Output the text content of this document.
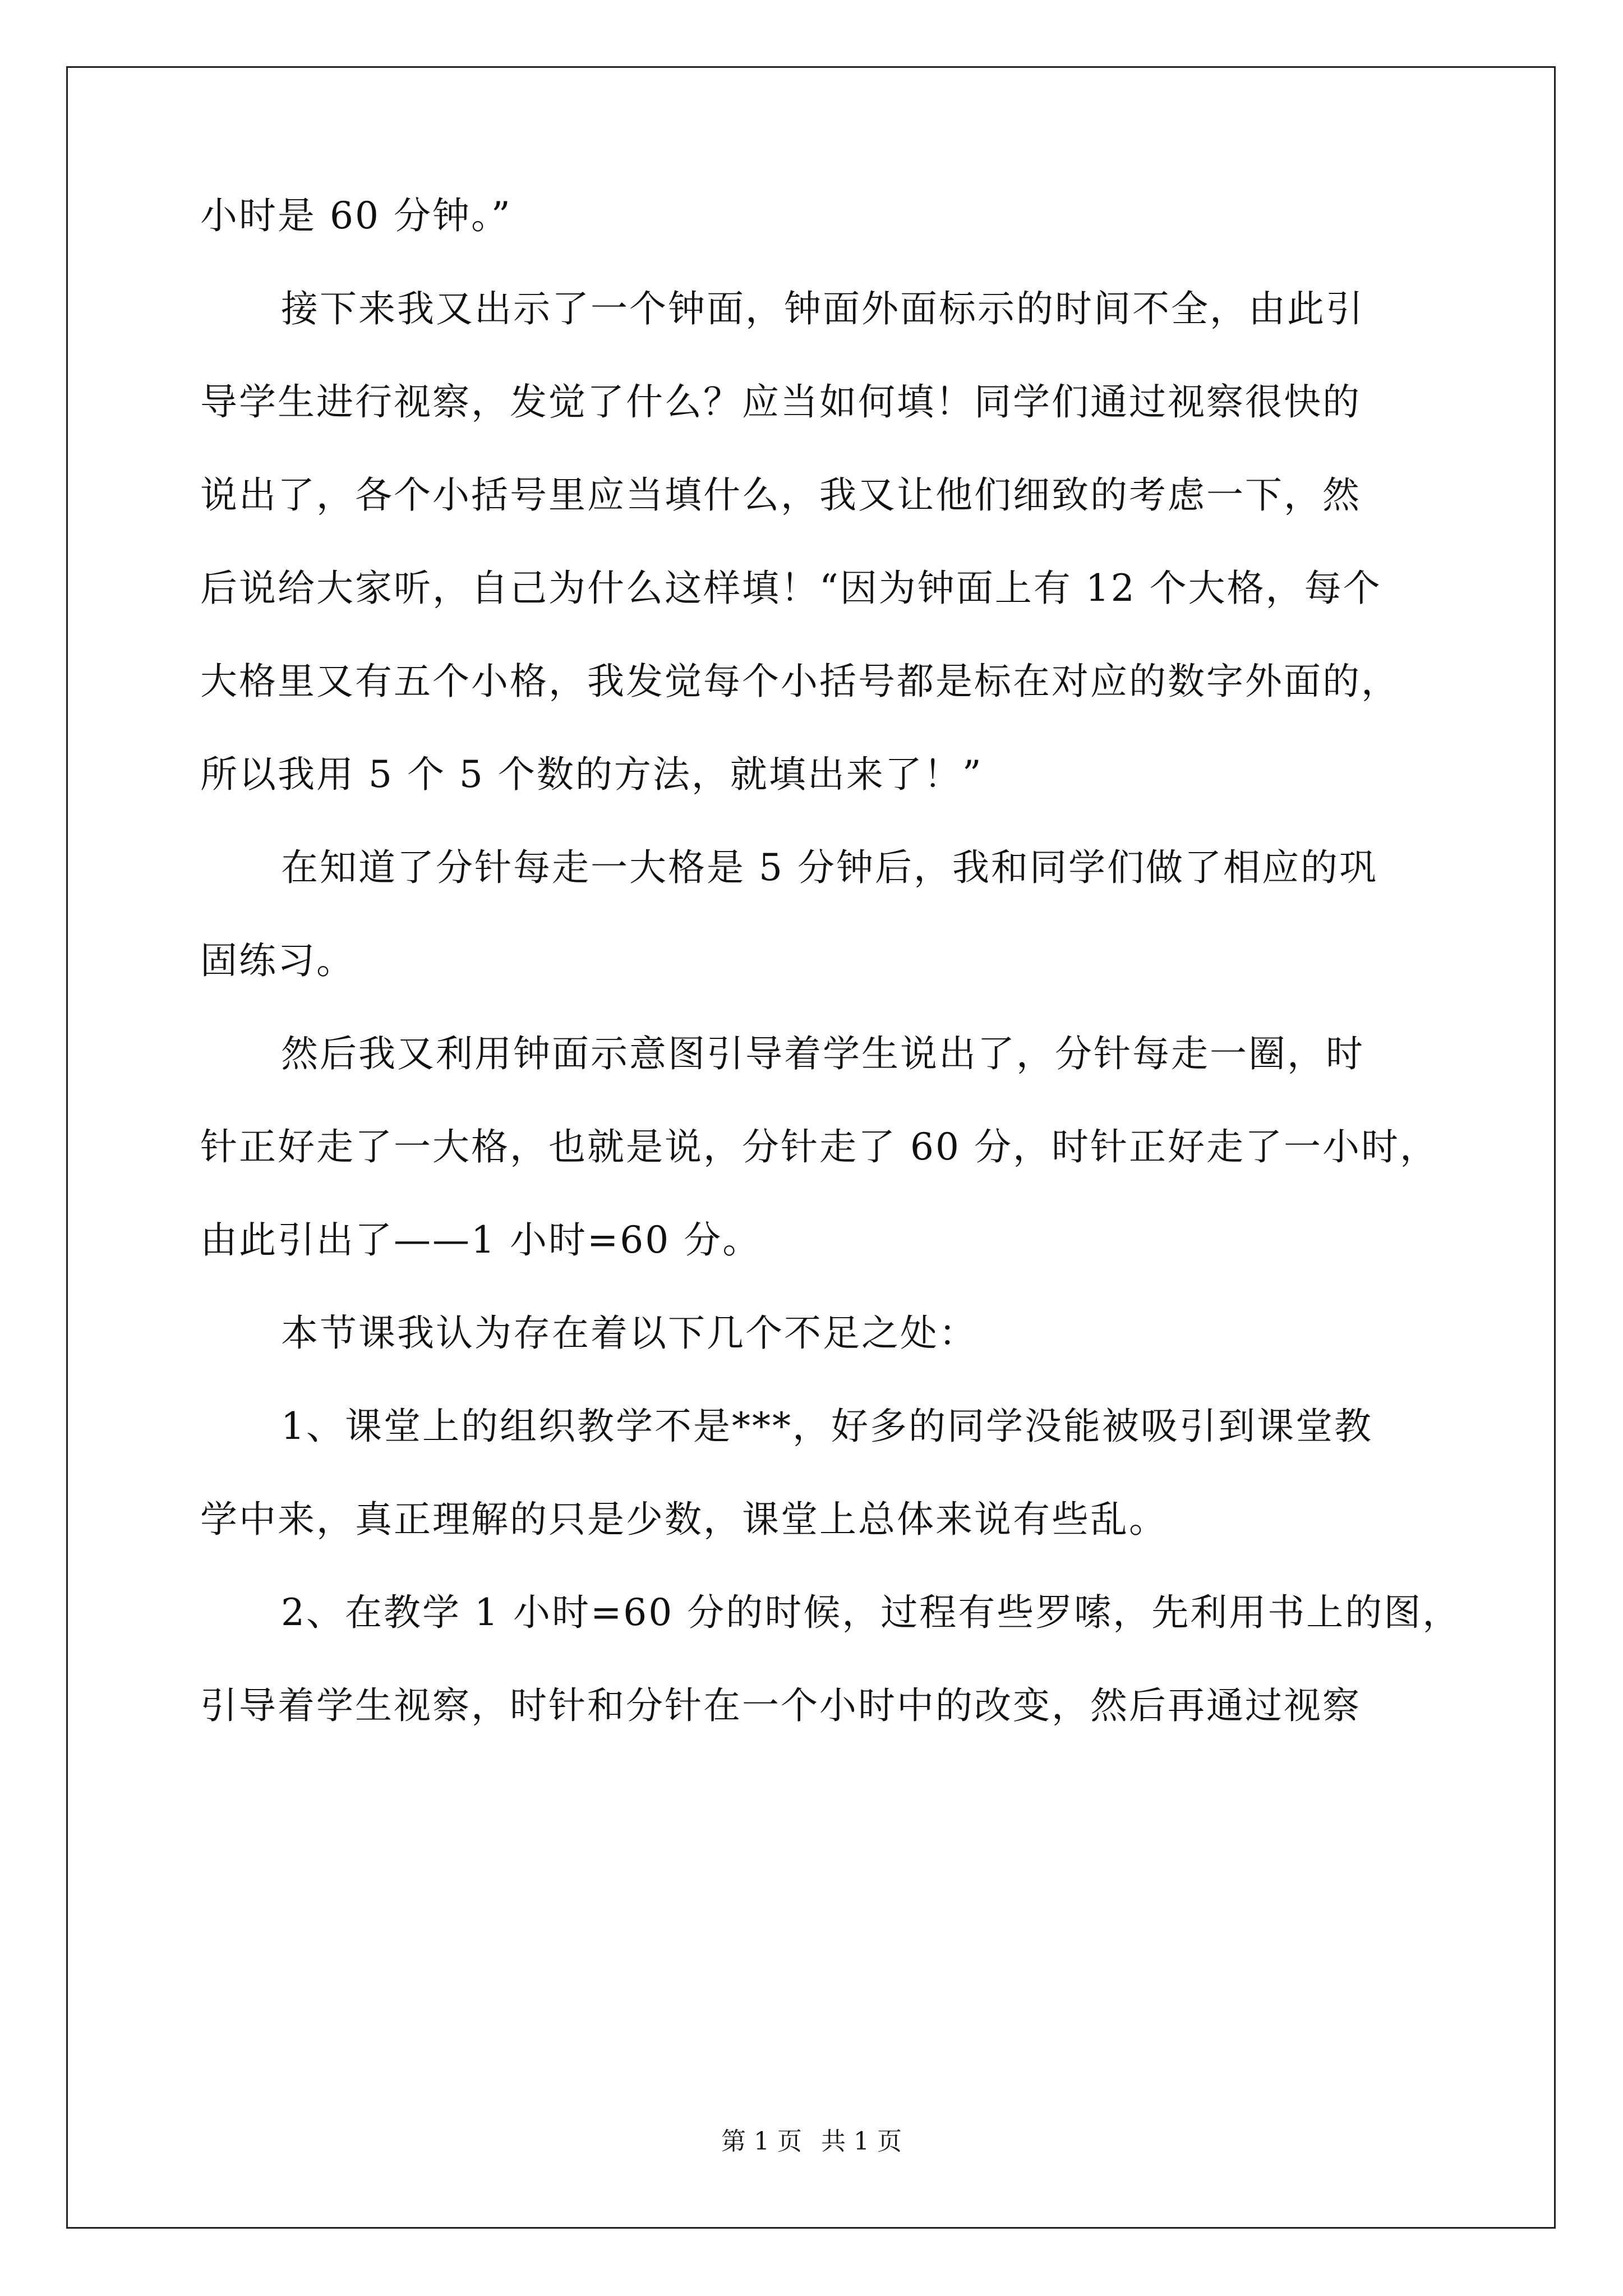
小时是 60 分钟。”
接下来我又出示了一个钟面，钟面外面标示的时间不全，由此引
导学生进行视察，发觉了什么？应当如何填！同学们通过视察很快的
说出了，各个小括号里应当填什么，我又让他们细致的考虑一下，然
后说给大家听，自己为什么这样填！“因为钟面上有 12 个大格，每个
大格里又有五个小格，我发觉每个小括号都是标在对应的数字外面的，
所以我用 5 个 5 个数的方法，就填出来了！”
在知道了分针每走一大格是 5 分钟后，我和同学们做了相应的巩
固练习。
然后我又利用钟面示意图引导着学生说出了，分针每走一圈，时
针正好走了一大格，也就是说，分针走了 60 分，时针正好走了一小时，
由此引出了——1 小时=60 分。
本节课我认为存在着以下几个不足之处：
1、课堂上的组织教学不是***，好多的同学没能被吸引到课堂教
学中来，真正理解的只是少数，课堂上总体来说有些乱。
2、在教学 1 小时=60 分的时候，过程有些罗嗦，先利用书上的图，
引导着学生视察，时针和分针在一个小时中的改变，然后再通过视察
第 1 页 共 1 页
